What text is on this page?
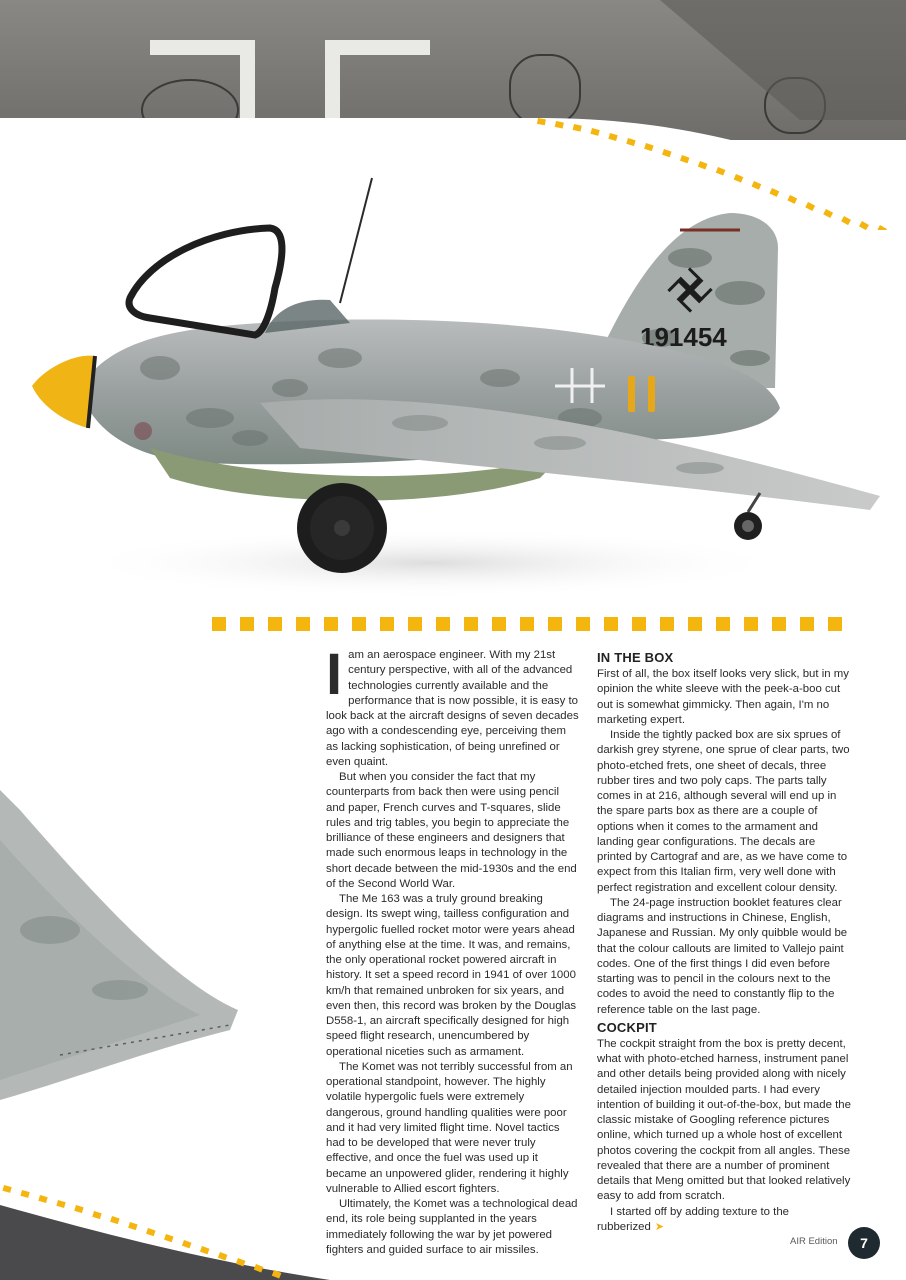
191454
I am an aerospace engineer. With my 21st century perspective, with all of the advanced technologies currently available and the performance that is now possible, it is easy to look back at the aircraft designs of seven decades ago with a condescending eye, perceiving them as lacking sophistication, of being unrefined or even quaint.

But when you consider the fact that my counterparts from back then were using pencil and paper, French curves and T-squares, slide rules and trig tables, you begin to appreciate the brilliance of these engineers and designers that made such enormous leaps in technology in the short decade between the mid-1930s and the end of the Second World War.

The Me 163 was a truly ground breaking design. Its swept wing, tailless configuration and hypergolic fuelled rocket motor were years ahead of anything else at the time. It was, and remains, the only operational rocket powered aircraft in history. It set a speed record in 1941 of over 1000 km/h that remained unbroken for six years, and even then, this record was broken by the Douglas D558-1, an aircraft specifically designed for high speed flight research, unencumbered by operational niceties such as armament.

The Komet was not terribly successful from an operational standpoint, however. The highly volatile hypergolic fuels were extremely dangerous, ground handling qualities were poor and it had very limited flight time. Novel tactics had to be developed that were never truly effective, and once the fuel was used up it became an unpowered glider, rendering it highly vulnerable to Allied escort fighters.

Ultimately, the Komet was a technological dead end, its role being supplanted in the years immediately following the war by jet powered fighters and guided surface to air missiles.

IN THE BOX

First of all, the box itself looks very slick, but in my opinion the white sleeve with the peek-a-boo cut out is somewhat gimmicky. Then again, I'm no marketing expert.

Inside the tightly packed box are six sprues of darkish grey styrene, one sprue of clear parts, two photo-etched frets, one sheet of decals, three rubber tires and two poly caps. The parts tally comes in at 216, although several will end up in the spare parts box as there are a couple of options when it comes to the armament and landing gear configurations. The decals are printed by Cartograf and are, as we have come to expect from this Italian firm, very well done with perfect registration and excellent colour density.

The 24-page instruction booklet features clear diagrams and instructions in Chinese, English, Japanese and Russian. My only quibble would be that the colour callouts are limited to Vallejo paint codes. One of the first things I did even before starting was to pencil in the colours next to the codes to avoid the need to constantly flip to the reference table on the last page.

COCKPIT

The cockpit straight from the box is pretty decent, what with photo-etched harness, instrument panel and other details being provided along with nicely detailed injection moulded parts. I had every intention of building it out-of-the-box, but made the classic mistake of Googling reference pictures online, which turned up a whole host of excellent photos covering the cockpit from all angles. These revealed that there are a number of prominent details that Meng omitted but that looked relatively easy to add from scratch.

I started off by adding texture to the rubberized ➤

AIR Edition	7
